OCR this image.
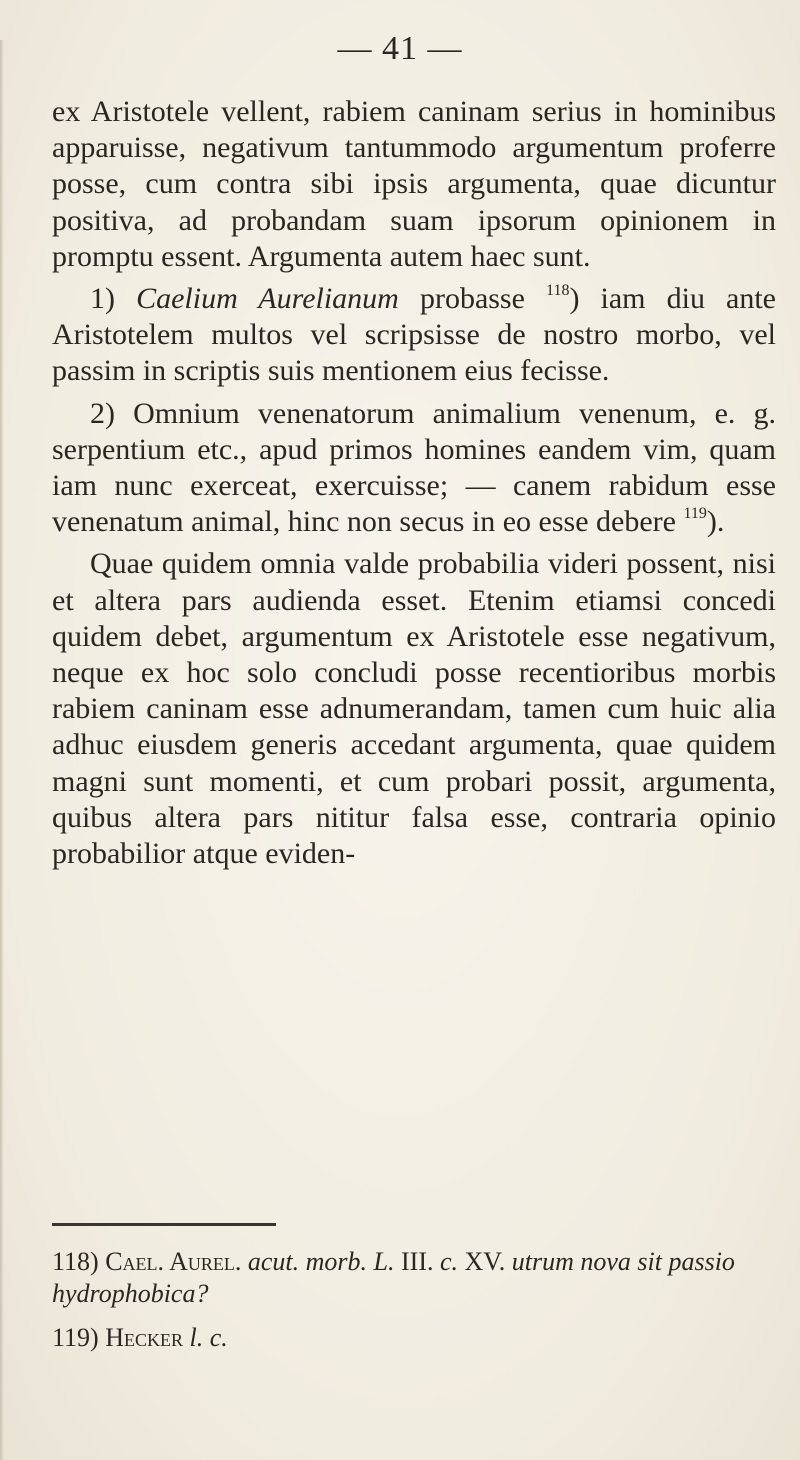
— 41 —

ex Aristotele vellent, rabiem caninam serius in hominibus apparuisse, negativum tantummodo argumentum proferre posse, cum contra sibi ipsis argumenta, quae dicuntur positiva, ad probandam suam ipsorum opinionem in promptu essent. Argumenta autem haec sunt.

1) Caelium Aurelianum probasse $^{118}$) iam diu ante Aristotelem multos vel scripsisse de nostro morbo, vel passim in scriptis suis mentionem eius fecisse.

2) Omnium venenatorum animalium venenum, e. g. serpentium etc., apud primos homines eandem vim, quam iam nunc exerceat, exercuisse; — canem rabidum esse venenatum animal, hinc non secus in eo esse debere $^{119}$).

Quae quidem omnia valde probabilia videri possent, nisi et altera pars audienda esset. Etenim etiamsi concedi quidem debet, argumentum ex Aristotele esse negativum, neque ex hoc solo concludi posse recentioribus morbis rabiem caninam esse adnumerandam, tamen cum huic alia adhuc eiusdem generis accedant argumenta, quae quidem magni sunt momenti, et cum probari possit, argumenta, quibus altera pars nititur falsa esse, contraria opinio probabilior atque eviden-

118) Cael. Aurel. acut. morb. L. III. c. XV. utrum nova sit passio hydrophobica?

119) Hecker l. c.
